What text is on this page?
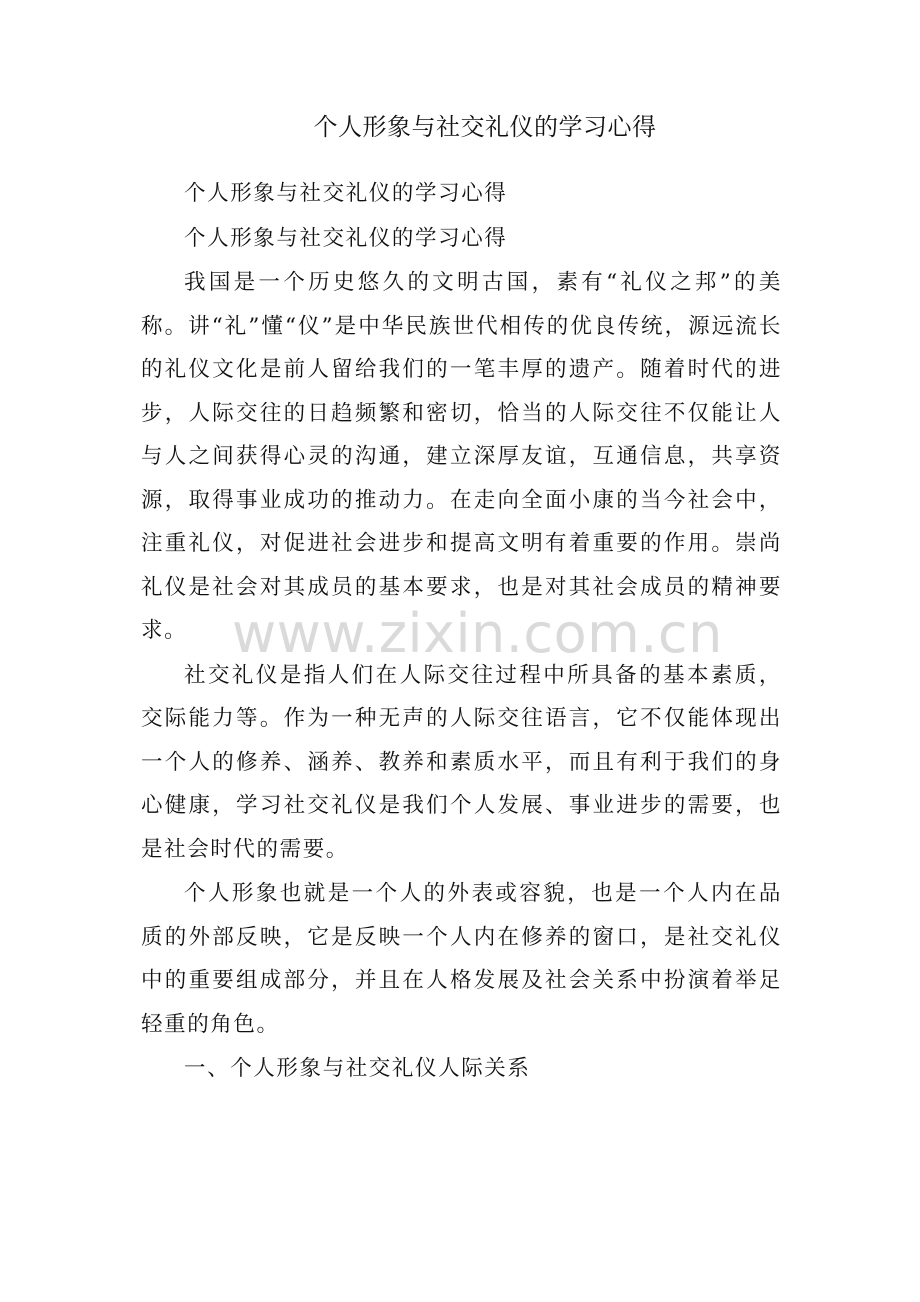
个人形象与社交礼仪的学习心得

个人形象与社交礼仪的学习心得

个人形象与社交礼仪的学习心得

我国是一个历史悠久的文明古国，素有“礼仪之邦”的美称。讲“礼”懂“仪”是中华民族世代相传的优良传统，源远流长的礼仪文化是前人留给我们的一笔丰厚的遗产。随着时代的进步，人际交往的日趋频繁和密切，恰当的人际交往不仅能让人与人之间获得心灵的沟通，建立深厚友谊，互通信息，共享资源，取得事业成功的推动力。在走向全面小康的当今社会中，注重礼仪，对促进社会进步和提高文明有着重要的作用。崇尚礼仪是社会对其成员的基本要求，也是对其社会成员的精神要求。

社交礼仪是指人们在人际交往过程中所具备的基本素质，交际能力等。作为一种无声的人际交往语言，它不仅能体现出一个人的修养、涵养、教养和素质水平，而且有利于我们的身心健康，学习社交礼仪是我们个人发展、事业进步的需要，也是社会时代的需要。

个人形象也就是一个人的外表或容貌，也是一个人内在品质的外部反映，它是反映一个人内在修养的窗口，是社交礼仪中的重要组成部分，并且在人格发展及社会关系中扮演着举足轻重的角色。

一、个人形象与社交礼仪人际关系

www.zixin.com.cn
